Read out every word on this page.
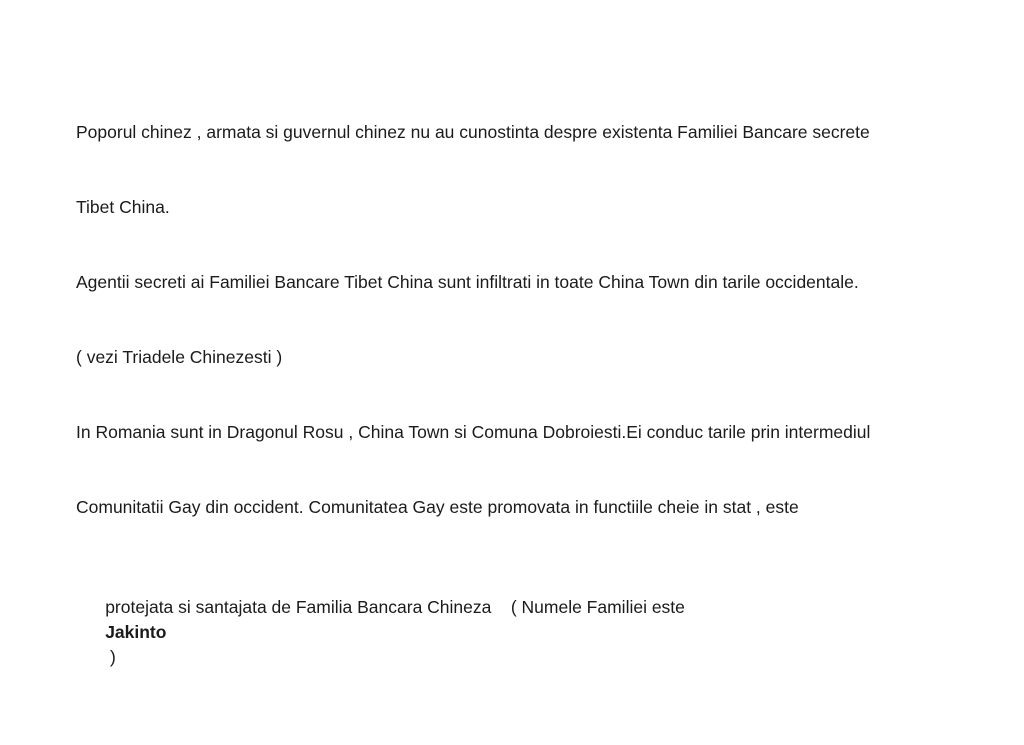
Poporul chinez , armata si guvernul chinez nu au cunostinta despre existenta Familiei Bancare secrete

Tibet China.

Agentii secreti ai Familiei Bancare Tibet China sunt infiltrati in toate China Town din tarile occidentale.

( vezi Triadele Chinezesti )

In Romania sunt in Dragonul Rosu , China Town si Comuna Dobroiesti.Ei conduc tarile prin intermediul

Comunitatii Gay din occident. Comunitatea Gay este promovata in functiile cheie in stat , este

protejata si santajata de Familia Bancara Chineza    ( Numele Familiei este
Jakinto
)
